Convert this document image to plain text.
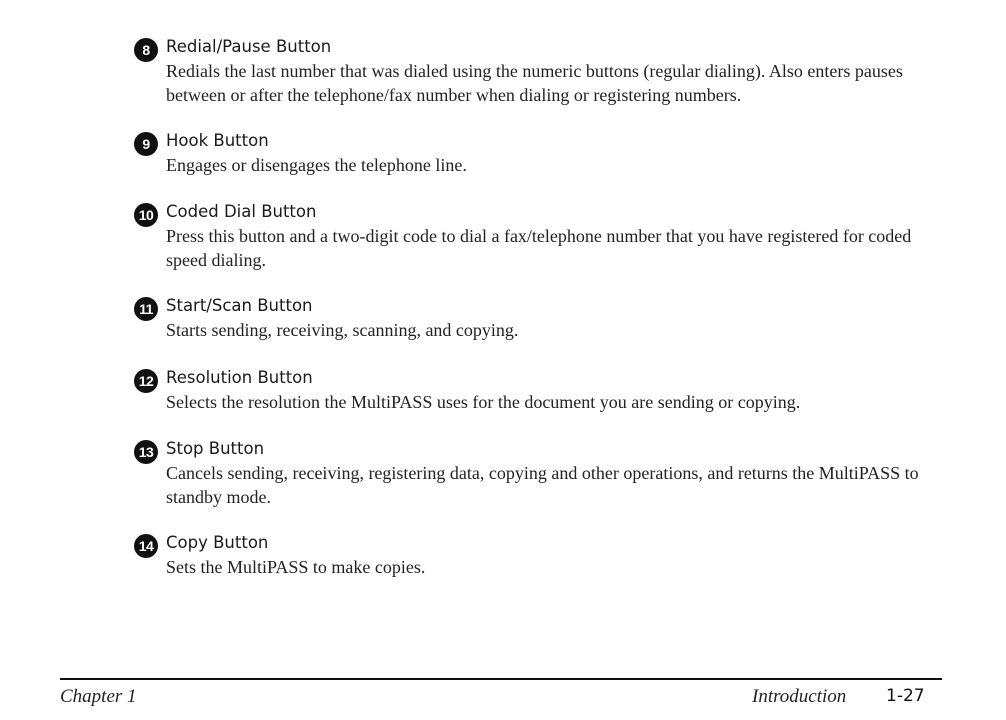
8 Redial/Pause Button
Redials the last number that was dialed using the numeric buttons (regular dialing). Also enters pauses between or after the telephone/fax number when dialing or registering numbers.
9 Hook Button
Engages or disengages the telephone line.
10 Coded Dial Button
Press this button and a two-digit code to dial a fax/telephone number that you have registered for coded speed dialing.
11 Start/Scan Button
Starts sending, receiving, scanning, and copying.
12 Resolution Button
Selects the resolution the MultiPASS uses for the document you are sending or copying.
13 Stop Button
Cancels sending, receiving, registering data, copying and other operations, and returns the MultiPASS to standby mode.
14 Copy Button
Sets the MultiPASS to make copies.
Chapter 1	Introduction 1-27
